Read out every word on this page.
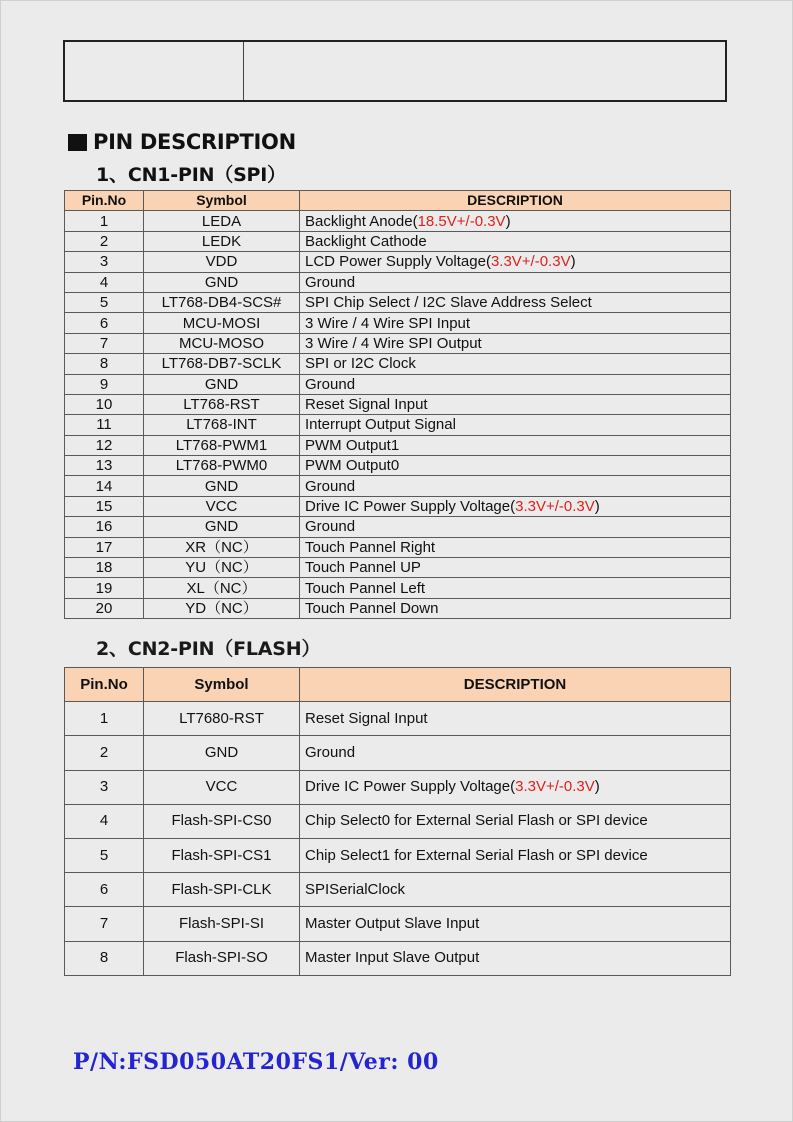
PIN DESCRIPTION
1、CN1-PIN（SPI）
Pin.No	Symbol	DESCRIPTION
1	LEDA	Backlight Anode(18.5V+/-0.3V)
2	LEDK	Backlight Cathode
3	VDD	LCD Power Supply Voltage(3.3V+/-0.3V)
4	GND	Ground
5	LT768-DB4-SCS#	SPI Chip Select / I2C Slave Address Select
6	MCU-MOSI	3 Wire / 4 Wire SPI Input
7	MCU-MOSO	3 Wire / 4 Wire SPI Output
8	LT768-DB7-SCLK	SPI or I2C Clock
9	GND	Ground
10	LT768-RST	Reset Signal Input
11	LT768-INT	Interrupt Output Signal
12	LT768-PWM1	PWM Output1
13	LT768-PWM0	PWM Output0
14	GND	Ground
15	VCC	Drive IC Power Supply Voltage(3.3V+/-0.3V)
16	GND	Ground
17	XR（NC）	Touch Pannel Right
18	YU（NC）	Touch Pannel UP
19	XL（NC）	Touch Pannel Left
20	YD（NC）	Touch Pannel Down
2、CN2-PIN（FLASH）
Pin.No	Symbol	DESCRIPTION
1	LT7680-RST	Reset Signal Input
2	GND	Ground
3	VCC	Drive IC Power Supply Voltage(3.3V+/-0.3V)
4	Flash-SPI-CS0	Chip Select0 for External Serial Flash or SPI device
5	Flash-SPI-CS1	Chip Select1 for External Serial Flash or SPI device
6	Flash-SPI-CLK	SPISerialClock
7	Flash-SPI-SI	Master Output Slave Input
8	Flash-SPI-SO	Master Input Slave Output
P/N:FSD050AT20FS1/Ver: 00
